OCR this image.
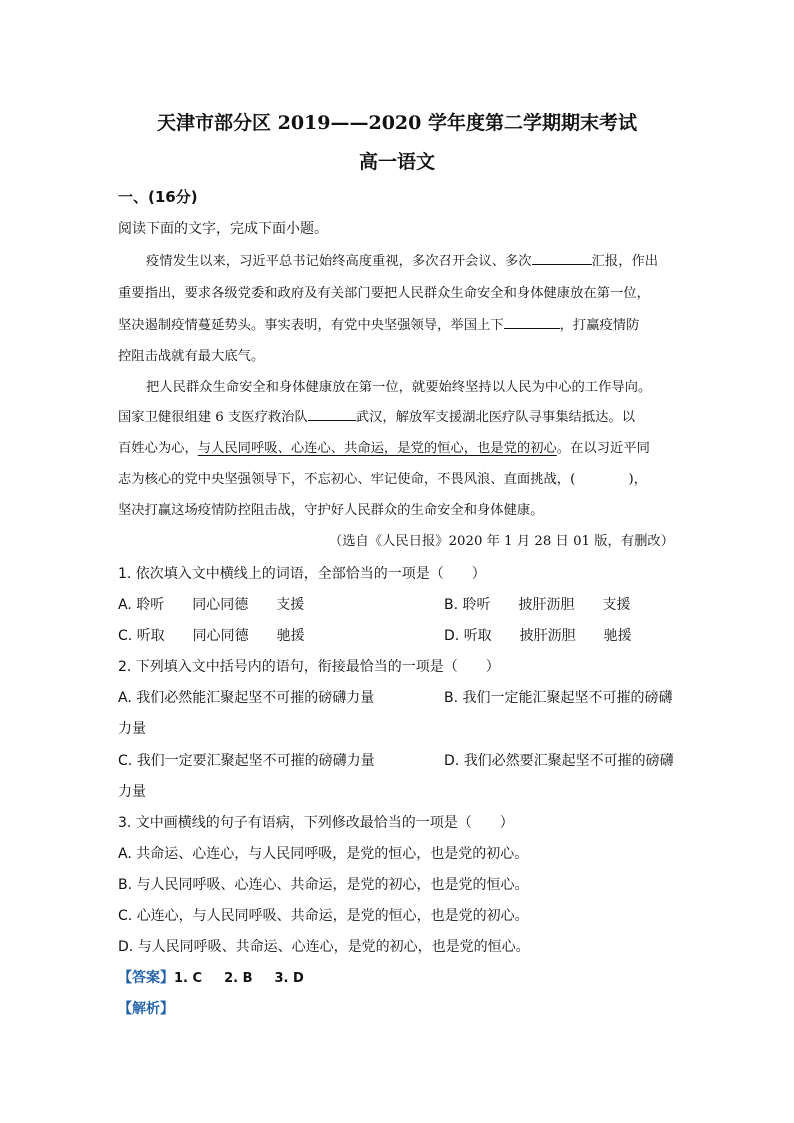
天津市部分区 2019——2020 学年度第二学期期末考试
高一语文
一、(16分)
阅读下面的文字，完成下面小题。
疫情发生以来，习近平总书记始终高度重视，多次召开会议、多次	汇报，作出
重要指出，要求各级党委和政府及有关部门要把人民群众生命安全和身体健康放在第一位，
坚决遏制疫情蔓延势头。事实表明，有党中央坚强领导，举国上下	，打赢疫情防
控阻击战就有最大底气。
把人民群众生命安全和身体健康放在第一位，就要始终坚持以人民为中心的工作导向。
国家卫健很组建 6 支医疗救治队	武汉，解放军支援湖北医疗队寻事集结抵达。以
百姓心为心，与人民同呼吸、心连心、共命运，是党的恒心，也是党的初心。在以习近平同
志为核心的党中央坚强领导下，不忘初心、牢记使命，不畏风浪、直面挑战，(　　　　)，
坚决打赢这场疫情防控阻击战，守护好人民群众的生命安全和身体健康。
（选自《人民日报》2020 年 1 月 28 日 01 版，有删改）
1. 依次填入文中横线上的词语，全部恰当的一项是（　　）
A. 聆听　　同心同德　　支援	B. 聆听　　披肝沥胆　　支援
C. 听取　　同心同德　　驰援	D. 听取　　披肝沥胆　　驰援
2. 下列填入文中括号内的语句，衔接最恰当的一项是（　　）
A. 我们必然能汇聚起坚不可摧的磅礴力量	B. 我们一定能汇聚起坚不可摧的磅礴
力量
C. 我们一定要汇聚起坚不可摧的磅礴力量	D. 我们必然要汇聚起坚不可摧的磅礴
力量
3. 文中画横线的句子有语病，下列修改最恰当的一项是（　　）
A. 共命运、心连心，与人民同呼吸，是党的恒心，也是党的初心。
B. 与人民同呼吸、心连心、共命运，是党的初心，也是党的恒心。
C. 心连心，与人民同呼吸、共命运，是党的恒心，也是党的初心。
D. 与人民同呼吸、共命运、心连心，是党的初心，也是党的恒心。
【答案】1. C 2. B 3. D
【解析】
